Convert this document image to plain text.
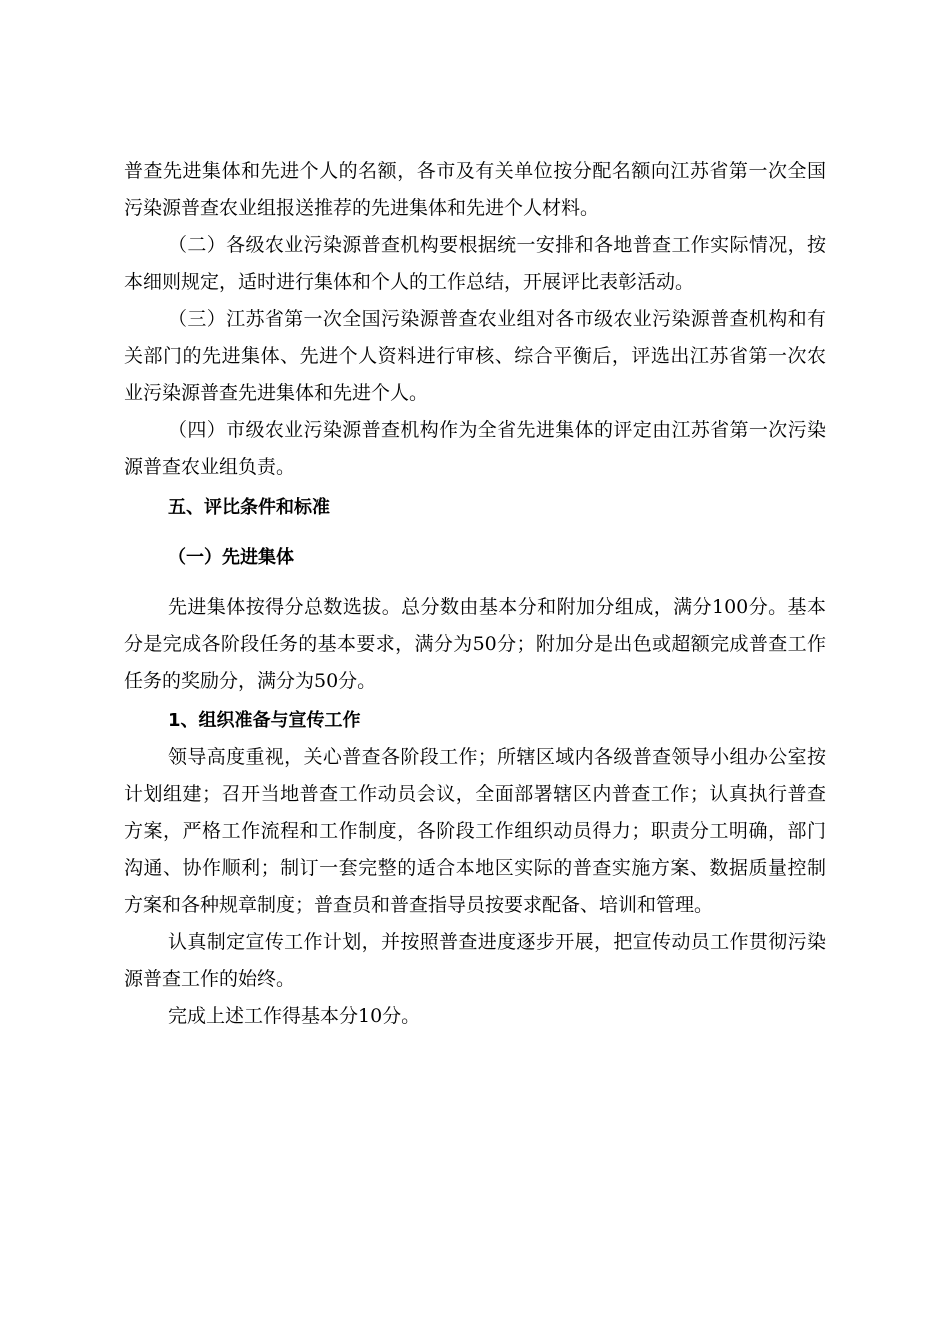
普查先进集体和先进个人的名额，各市及有关单位按分配名额向江苏省第一次全国污染源普查农业组报送推荐的先进集体和先进个人材料。

（二）各级农业污染源普查机构要根据统一安排和各地普查工作实际情况，按本细则规定，适时进行集体和个人的工作总结，开展评比表彰活动。

（三）江苏省第一次全国污染源普查农业组对各市级农业污染源普查机构和有关部门的先进集体、先进个人资料进行审核、综合平衡后，评选出江苏省第一次农业污染源普查先进集体和先进个人。

（四）市级农业污染源普查机构作为全省先进集体的评定由江苏省第一次污染源普查农业组负责。

五、评比条件和标准

（一）先进集体

先进集体按得分总数选拔。总分数由基本分和附加分组成，满分100分。基本分是完成各阶段任务的基本要求，满分为50分；附加分是出色或超额完成普查工作任务的奖励分，满分为50分。

1、组织准备与宣传工作

领导高度重视，关心普查各阶段工作；所辖区域内各级普查领导小组办公室按计划组建；召开当地普查工作动员会议，全面部署辖区内普查工作；认真执行普查方案，严格工作流程和工作制度，各阶段工作组织动员得力；职责分工明确，部门沟通、协作顺利；制订一套完整的适合本地区实际的普查实施方案、数据质量控制方案和各种规章制度；普查员和普查指导员按要求配备、培训和管理。

认真制定宣传工作计划，并按照普查进度逐步开展，把宣传动员工作贯彻污染源普查工作的始终。

完成上述工作得基本分10分。
